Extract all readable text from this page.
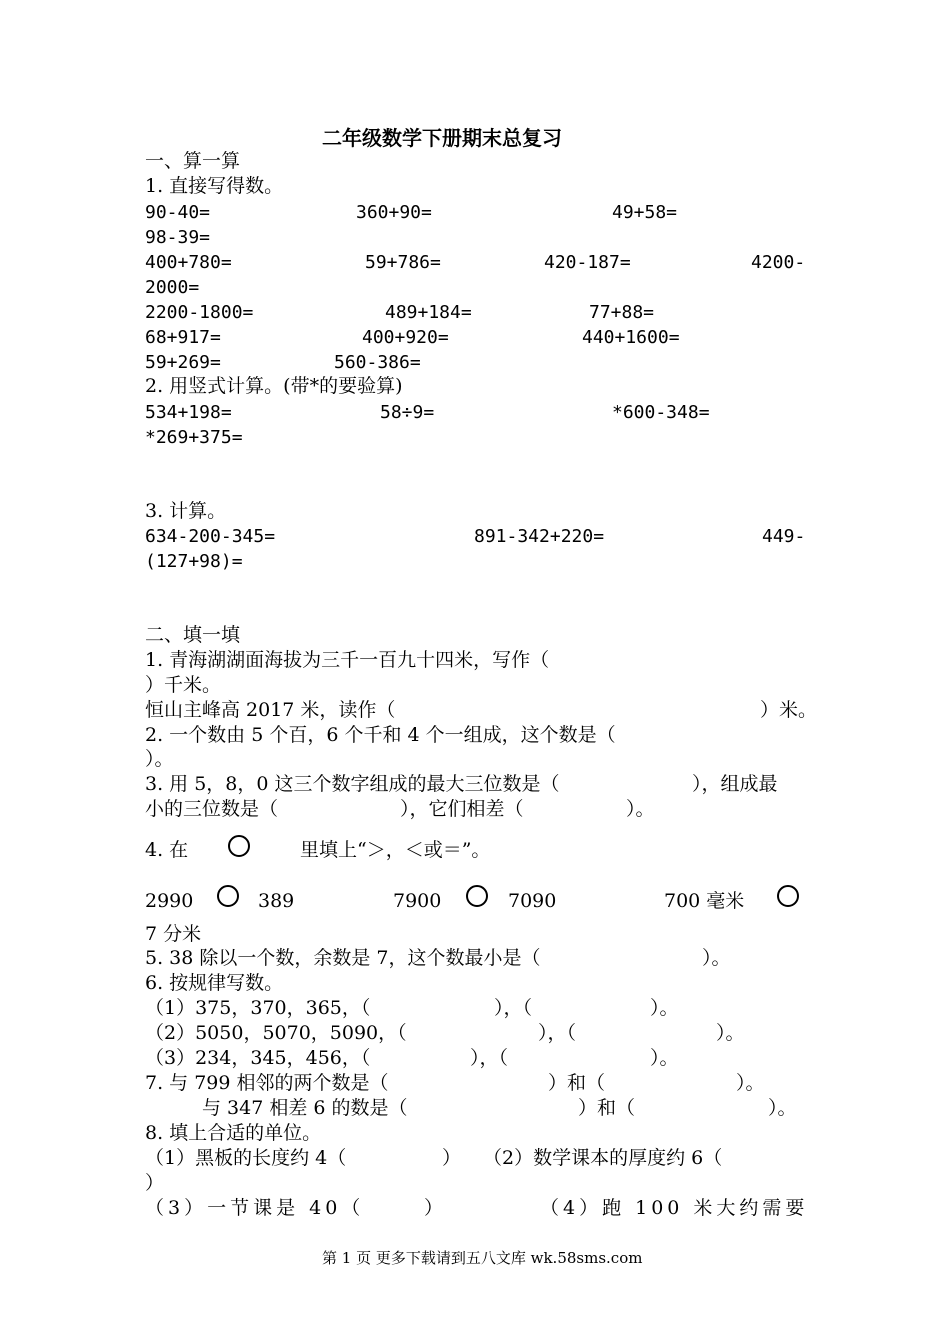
二年级数学下册期末总复习
一、算一算
1. 直接写得数。
90-40=	360+90=	49+58=
98-39=
400+780=	59+786=	420-187=	4200-
2000=
2200-1800=	489+184=	77+88=
68+917=	400+920=	440+1600=
59+269=	560-386=
2. 用竖式计算。(带*的要验算)
534+198=	58÷9=	*600-348=
*269+375=
3. 计算。
634-200-345=	891-342+220=	449-
(127+98)=
二、填一填
1. 青海湖湖面海拔为三千一百九十四米，写作（
）千米。
恒山主峰高 2017 米，读作（	）米。
2. 一个数由 5 个百，6 个千和 4 个一组成，这个数是（
）。
3. 用 5，8，0 这三个数字组成的最大三位数是（	），组成最
小的三位数是（	），它们相差（	）。
4. 在	里填上“＞，＜或＝”。
2990	389	7900	7090	700 毫米
7 分米
5. 38 除以一个数，余数是 7，这个数最小是（	）。
6. 按规律写数。
（1）375，370，365，（	），（	）。
（2）5050，5070，5090，（	），（	）。
（3）234，345，456，（	），（	）。
7. 与 799 相邻的两个数是（	）和（	）。
与 347 相差 6 的数是（	）和（	）。
8. 填上合适的单位。
（1）黑板的长度约 4（	） （2）数学课本的厚度约 6（
）
（3）一节课是 40（	）	（4）跑 100 米大约需要
第 1 页 更多下载请到五八文库 wk.58sms.com
